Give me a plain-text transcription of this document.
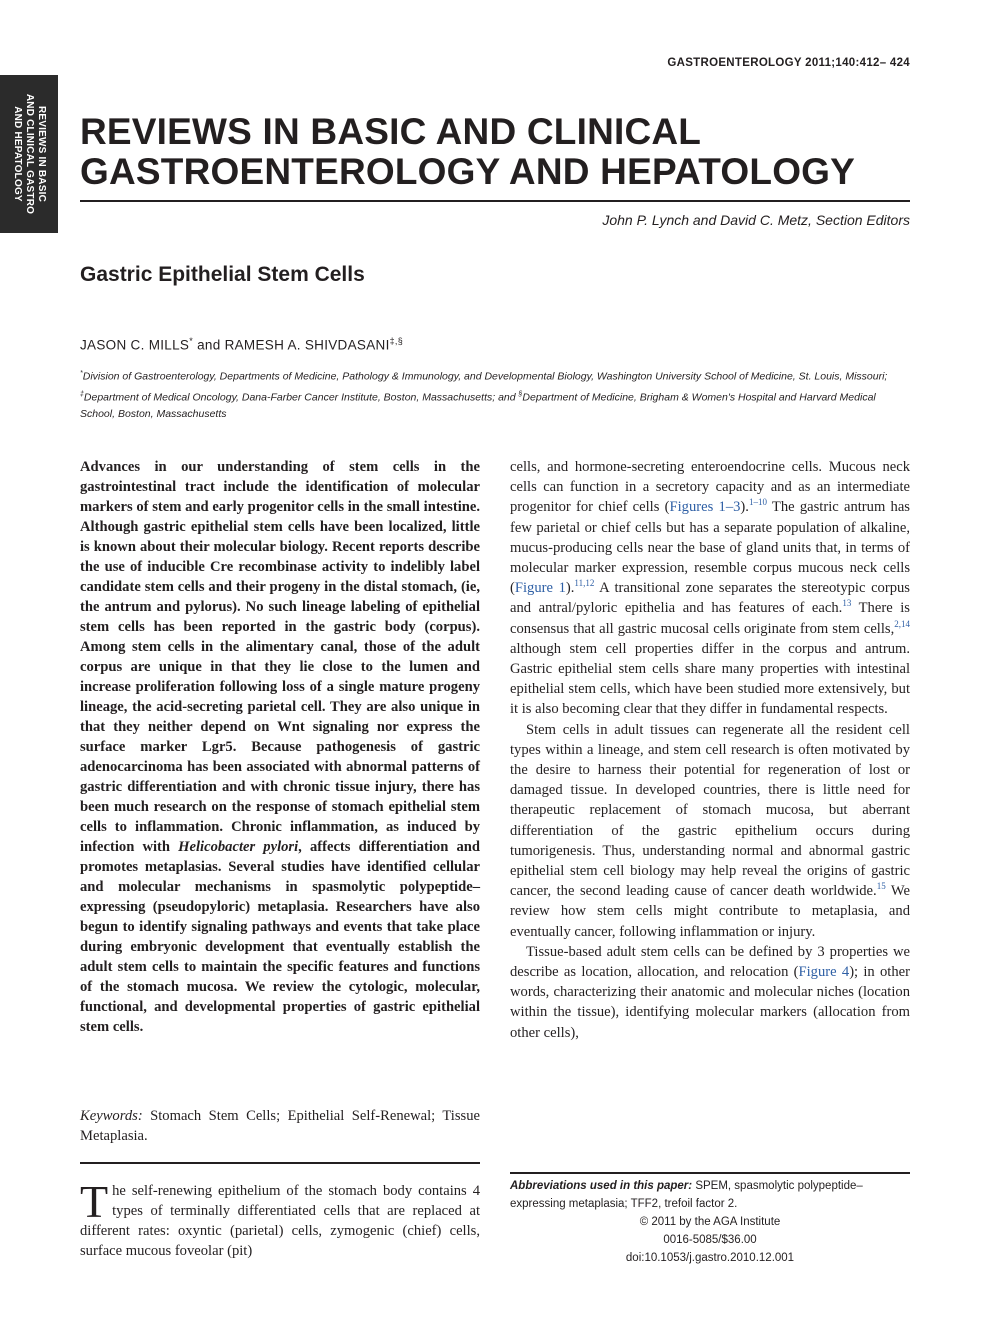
REVIEWS IN BASIC
AND CLINICAL GASTRO
AND HEPATOLOGY
GASTROENTEROLOGY 2011;140:412– 424
REVIEWS IN BASIC AND CLINICAL
GASTROENTEROLOGY AND HEPATOLOGY
John P. Lynch and David C. Metz, Section Editors
Gastric Epithelial Stem Cells
JASON C. MILLS* and RAMESH A. SHIVDASANI‡,§
*Division of Gastroenterology, Departments of Medicine, Pathology & Immunology, and Developmental Biology, Washington University School of Medicine, St. Louis, Missouri; ‡Department of Medical Oncology, Dana-Farber Cancer Institute, Boston, Massachusetts; and §Department of Medicine, Brigham & Women's Hospital and Harvard Medical School, Boston, Massachusetts

Advances in our understanding of stem cells in the gastrointestinal tract include the identification of molecular markers of stem and early progenitor cells in the small intestine. Although gastric epithelial stem cells have been localized, little is known about their molecular biology. Recent reports describe the use of inducible Cre recombinase activity to indelibly label candidate stem cells and their progeny in the distal stomach, (ie, the antrum and pylorus). No such lineage labeling of epithelial stem cells has been reported in the gastric body (corpus). Among stem cells in the alimentary canal, those of the adult corpus are unique in that they lie close to the lumen and increase proliferation following loss of a single mature progeny lineage, the acid-secreting parietal cell. They are also unique in that they neither depend on Wnt signaling nor express the surface marker Lgr5. Because pathogenesis of gastric adenocarcinoma has been associated with abnormal patterns of gastric differentiation and with chronic tissue injury, there has been much research on the response of stomach epithelial stem cells to inflammation. Chronic inflammation, as induced by infection with Helicobacter pylori, affects differentiation and promotes metaplasias. Several studies have identified cellular and molecular mechanisms in spasmolytic polypeptide–expressing (pseudopyloric) metaplasia. Researchers have also begun to identify signaling pathways and events that take place during embryonic development that eventually establish the adult stem cells to maintain the specific features and functions of the stomach mucosa. We review the cytologic, molecular, functional, and developmental properties of gastric epithelial stem cells.

Keywords: Stomach Stem Cells; Epithelial Self-Renewal; Tissue Metaplasia.

The self-renewing epithelium of the stomach body contains 4 types of terminally differentiated cells that are replaced at different rates: oxyntic (parietal) cells, zymogenic (chief) cells, surface mucous foveolar (pit)

cells, and hormone-secreting enteroendocrine cells. Mucous neck cells can function in a secretory capacity and as an intermediate progenitor for chief cells (Figures 1–3).$^{1-10}$ The gastric antrum has few parietal or chief cells but has a separate population of alkaline, mucus-producing cells near the base of gland units that, in terms of molecular marker expression, resemble corpus mucous neck cells (Figure 1).$^{11,12}$ A transitional zone separates the stereotypic corpus and antral/pyloric epithelia and has features of each.$^{13}$ There is consensus that all gastric mucosal cells originate from stem cells,$^{2,14}$ although stem cell properties differ in the corpus and antrum. Gastric epithelial stem cells share many properties with intestinal epithelial stem cells, which have been studied more extensively, but it is also becoming clear that they differ in fundamental respects.

Stem cells in adult tissues can regenerate all the resident cell types within a lineage, and stem cell research is often motivated by the desire to harness their potential for regeneration of lost or damaged tissue. In developed countries, there is little need for therapeutic replacement of stomach mucosa, but aberrant differentiation of the gastric epithelium occurs during tumorigenesis. Thus, understanding normal and abnormal gastric epithelial stem cell biology may help reveal the origins of gastric cancer, the second leading cause of cancer death worldwide.$^{15}$ We review how stem cells might contribute to metaplasia, and eventually cancer, following inflammation or injury.

Tissue-based adult stem cells can be defined by 3 properties we describe as location, allocation, and relocation (Figure 4); in other words, characterizing their anatomic and molecular niches (location within the tissue), identifying molecular markers (allocation from other cells),

Abbreviations used in this paper: SPEM, spasmolytic polypeptide–expressing metaplasia; TFF2, trefoil factor 2.
© 2011 by the AGA Institute
0016-5085/$36.00
doi:10.1053/j.gastro.2010.12.001
